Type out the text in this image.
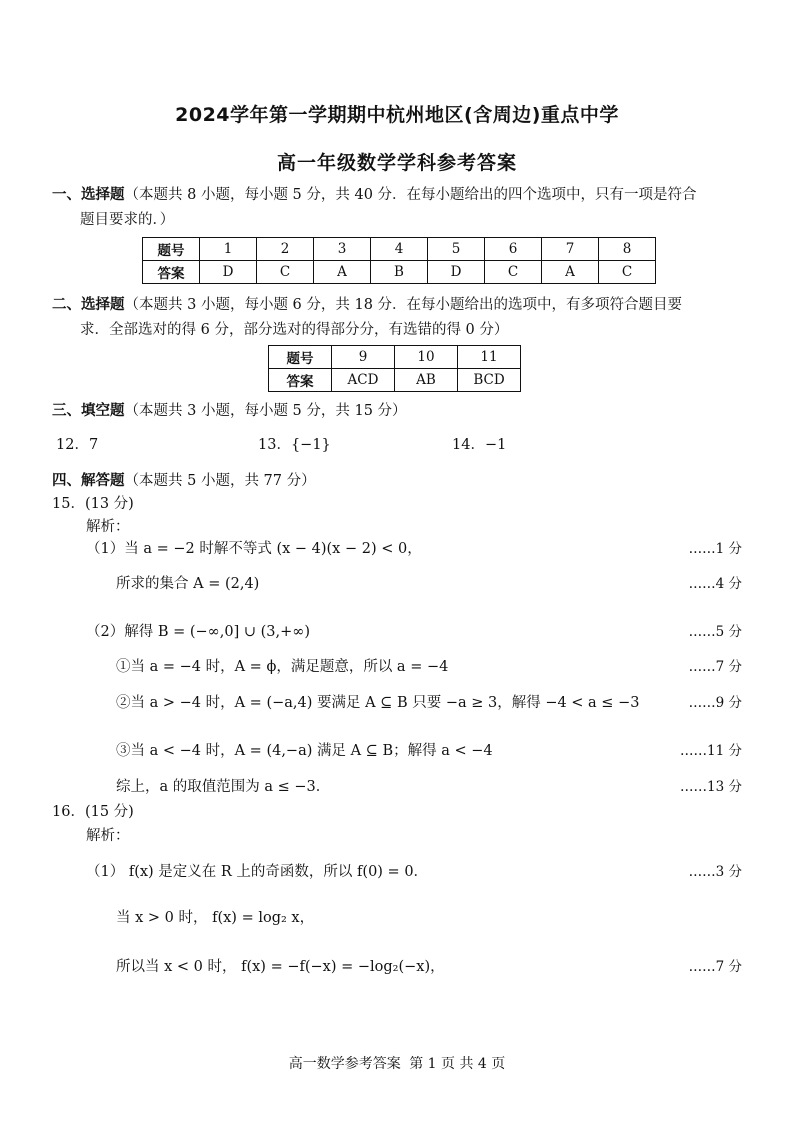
2024学年第一学期期中杭州地区(含周边)重点中学
高一年级数学学科参考答案
一、选择题（本题共 8 小题，每小题 5 分，共 40 分．在每小题给出的四个选项中，只有一项是符合
题目要求的．）
题号	1	2	3	4	5	6	7	8
答案	D	C	A	B	D	C	A	C
二、选择题（本题共 3 小题，每小题 6 分，共 18 分．在每小题给出的选项中，有多项符合题目要
求．全部选对的得 6 分，部分选对的得部分分，有选错的得 0 分）
题号	9	10	11
答案	ACD	AB	BCD
三、填空题（本题共 3 小题，每小题 5 分，共 15 分）
12．7	13．{−1}	14．−1
四、解答题（本题共 5 小题，共 77 分）
15．(13 分)
解析：
（1）当 a = −2 时解不等式 (x − 4)(x − 2) < 0，	……1 分
所求的集合 A = (2,4)	……4 分
（2）解得 B = (−∞,0] ∪ (3,+∞)	……5 分
①当 a = −4 时，A = ϕ，满足题意，所以 a = −4	……7 分
②当 a > −4 时，A = (−a,4) 要满足 A ⊆ B 只要 −a ≥ 3，解得 −4 < a ≤ −3	……9 分
③当 a < −4 时，A = (4,−a) 满足 A ⊆ B；解得 a < −4	……11 分
综上，a 的取值范围为 a ≤ −3．	……13 分
16．(15 分)
解析：
（1） f(x) 是定义在 R 上的奇函数，所以 f(0) = 0．	……3 分
当 x > 0 时， f(x) = log₂ x，
所以当 x < 0 时， f(x) = −f(−x) = −log₂(−x)，	……7 分
高一数学参考答案 第 1 页 共 4 页
